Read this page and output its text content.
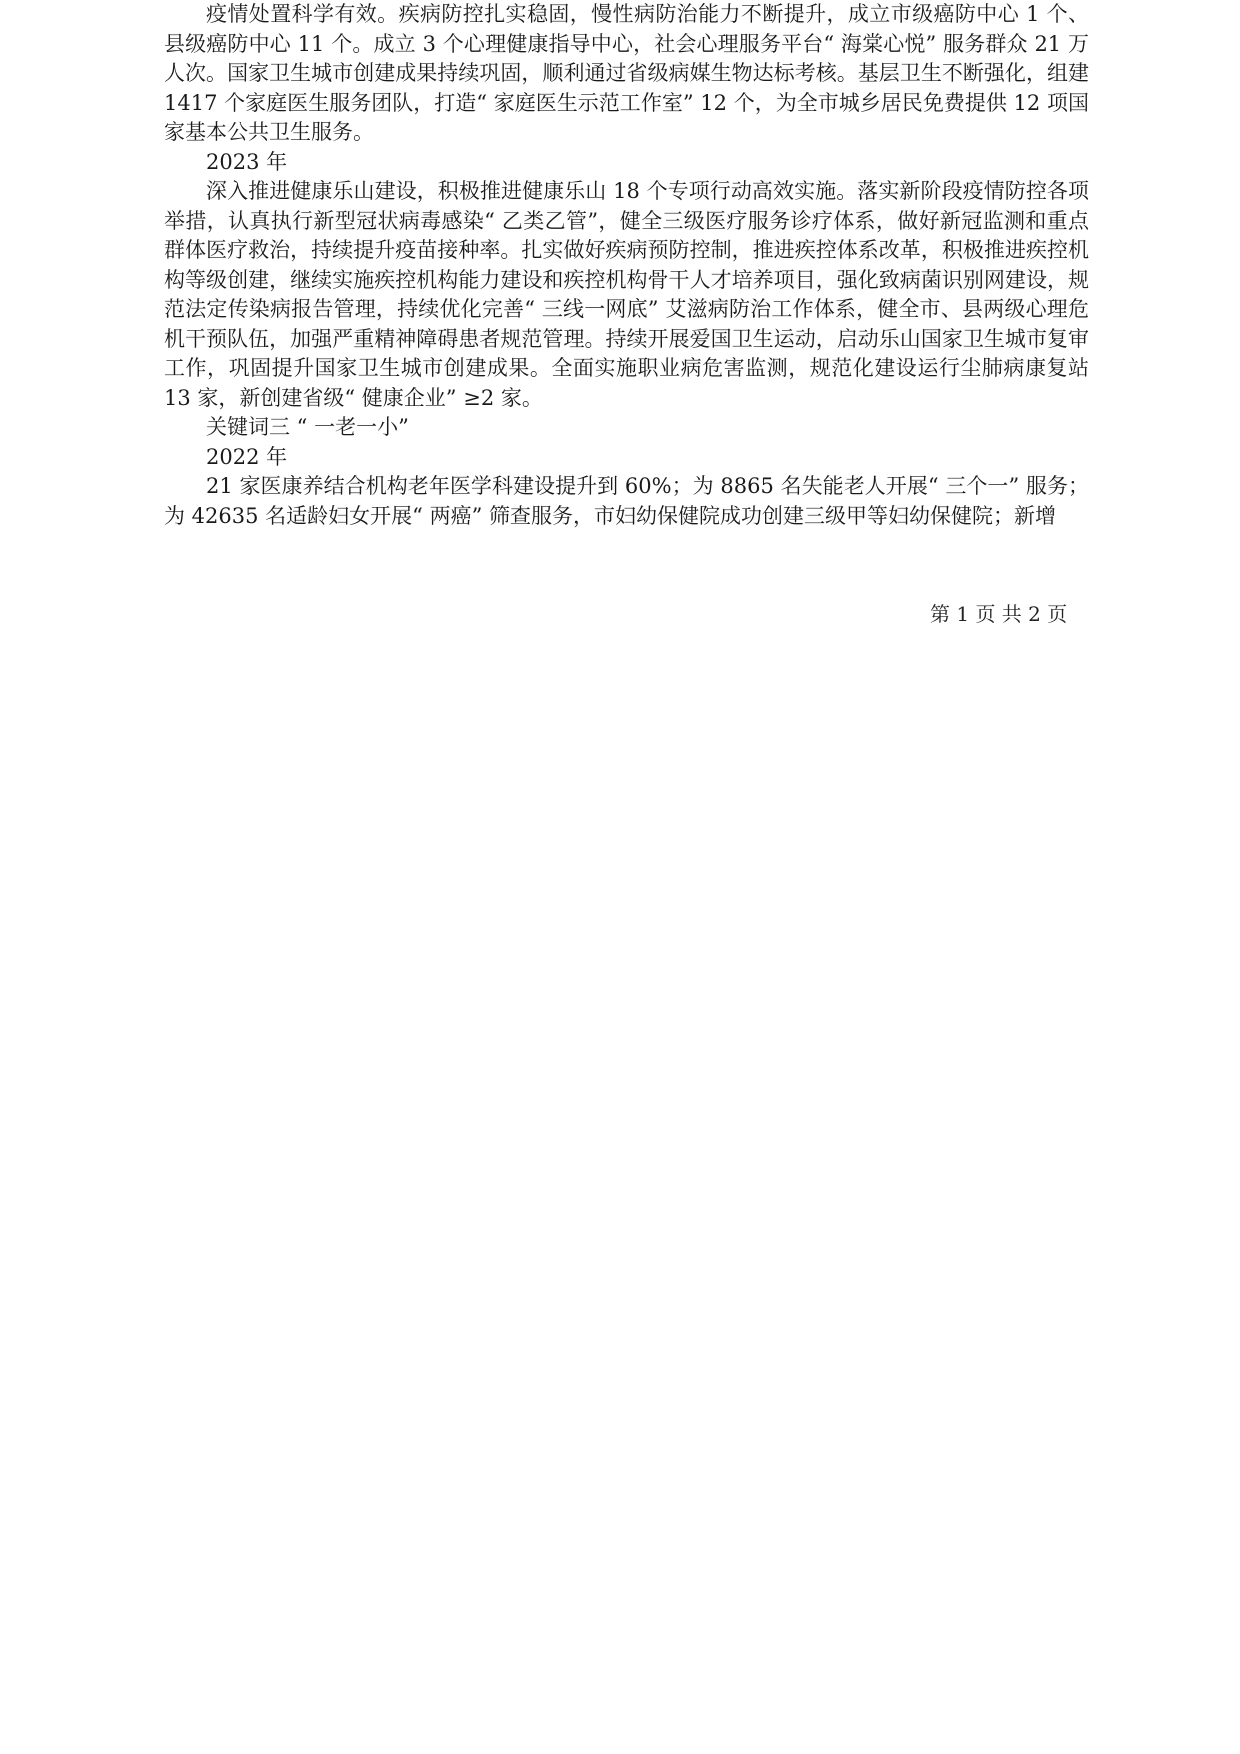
疫情处置科学有效。疾病防控扎实稳固，慢性病防治能力不断提升，成立市级癌防中心 1 个、县级癌防中心 11 个。成立 3 个心理健康指导中心，社会心理服务平台“ 海棠心悦” 服务群众 21 万人次。国家卫生城市创建成果持续巩固，顺利通过省级病媒生物达标考核。基层卫生不断强化，组建 1417 个家庭医生服务团队，打造“ 家庭医生示范工作室” 12 个，为全市城乡居民免费提供 12 项国家基本公共卫生服务。

2023 年

深入推进健康乐山建设，积极推进健康乐山 18 个专项行动高效实施。落实新阶段疫情防控各项举措，认真执行新型冠状病毒感染“ 乙类乙管”，健全三级医疗服务诊疗体系，做好新冠监测和重点群体医疗救治，持续提升疫苗接种率。扎实做好疾病预防控制，推进疾控体系改革，积极推进疾控机构等级创建，继续实施疾控机构能力建设和疾控机构骨干人才培养项目，强化致病菌识别网建设，规范法定传染病报告管理，持续优化完善“ 三线一网底” 艾滋病防治工作体系，健全市、县两级心理危机干预队伍，加强严重精神障碍患者规范管理。持续开展爱国卫生运动，启动乐山国家卫生城市复审工作，巩固提升国家卫生城市创建成果。全面实施职业病危害监测，规范化建设运行尘肺病康复站 13 家，新创建省级“ 健康企业” ≥2 家。

关键词三 “ 一老一小”

2022 年

21 家医康养结合机构老年医学科建设提升到 60%；为 8865 名失能老人开展“ 三个一” 服务；为 42635 名适龄妇女开展“ 两癌” 筛查服务，市妇幼保健院成功创建三级甲等妇幼保健院；新增

第 1 页 共 2 页
